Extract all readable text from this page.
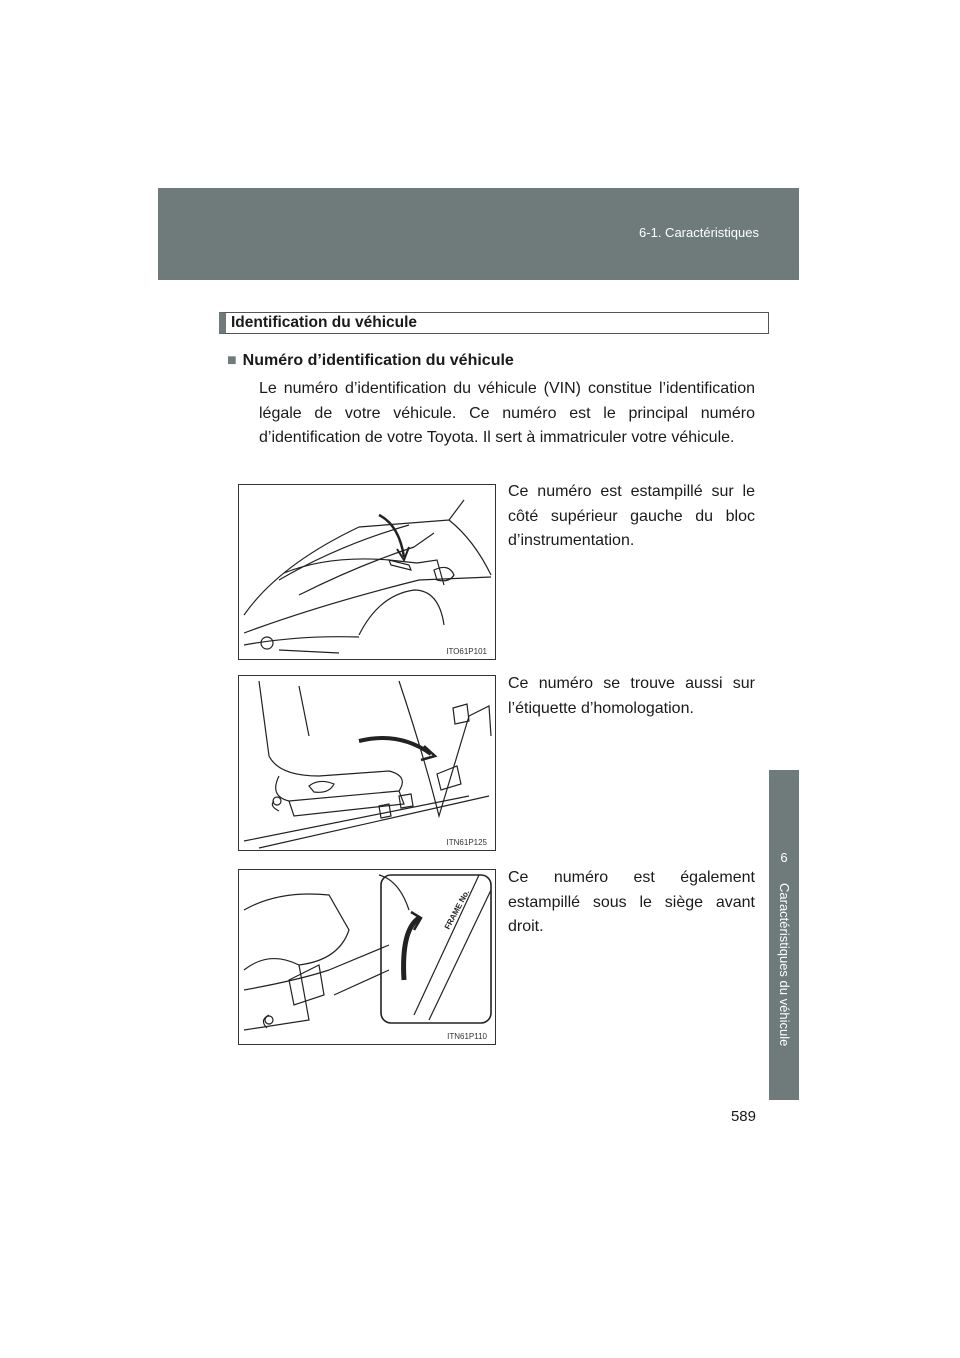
6-1. Caractéristiques
6
Caractéristiques du véhicule
Identification du véhicule
■ Numéro d’identification du véhicule
Le numéro d’identification du véhicule (VIN) constitue l’identification légale de votre véhicule. Ce numéro est le principal numéro d’identification de votre Toyota. Il sert à immatriculer votre véhicule.
ITO61P101
Ce numéro est estampillé sur le côté supérieur gauche du bloc d’instrumentation.
ITN61P125
Ce numéro se trouve aussi sur l’étiquette d’homologation.
FRAME No.
ITN61P110
Ce numéro est également estampillé sous le siège avant droit.
589
